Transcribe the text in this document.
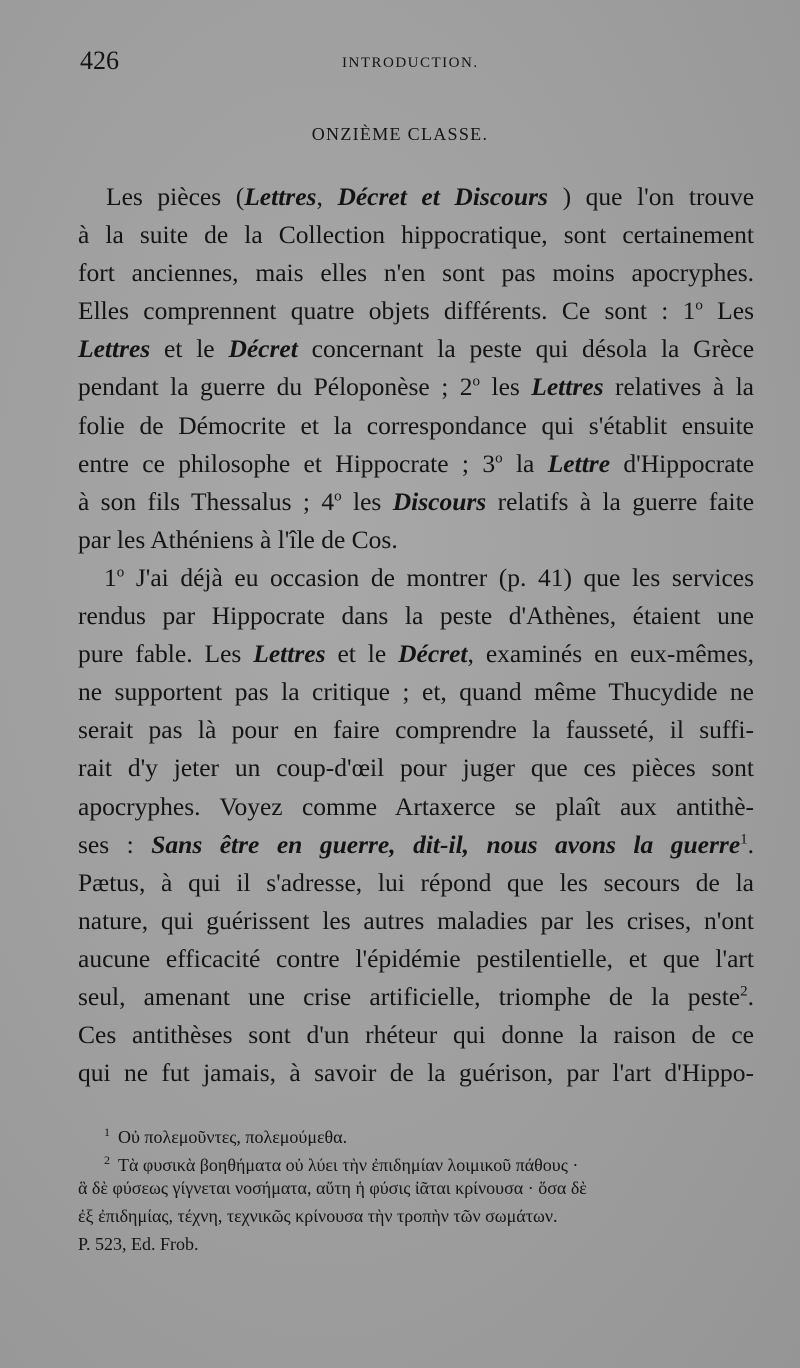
426	INTRODUCTION.
ONZIÈME CLASSE.
Les pièces (Lettres, Décret et Discours ) que l'on trouve
à la suite de la Collection hippocratique, sont certainement
fort anciennes, mais elles n'en sont pas moins apocryphes.
Elles comprennent quatre objets différents. Ce sont : 1$^o$ Les
Lettres et le Décret concernant la peste qui désola la Grèce
pendant la guerre du Péloponèse ; 2$^o$ les Lettres relatives à la
folie de Démocrite et la correspondance qui s'établit ensuite
entre ce philosophe et Hippocrate ; 3$^o$ la Lettre d'Hippocrate
à son fils Thessalus ; 4$^o$ les Discours relatifs à la guerre faite
par les Athéniens à l'île de Cos.
1$^o$ J'ai déjà eu occasion de montrer (p. 41) que les services
rendus par Hippocrate dans la peste d'Athènes, étaient une
pure fable. Les Lettres et le Décret, examinés en eux-mêmes,
ne supportent pas la critique ; et, quand même Thucydide ne
serait pas là pour en faire comprendre la fausseté, il suffi-
rait d'y jeter un coup-d'œil pour juger que ces pièces sont
apocryphes. Voyez comme Artaxerce se plaît aux antithè-
ses : Sans être en guerre, dit-il, nous avons la guerre$^1$.
Pætus, à qui il s'adresse, lui répond que les secours de la
nature, qui guérissent les autres maladies par les crises, n'ont
aucune efficacité contre l'épidémie pestilentielle, et que l'art
seul, amenant une crise artificielle, triomphe de la peste$^2$.
Ces antithèses sont d'un rhéteur qui donne la raison de ce
qui ne fut jamais, à savoir de la guérison, par l'art d'Hippo-
$^1$ Οὐ πολεμοῦντες, πολεμούμεθα.
$^2$ Τὰ φυσικὰ βοηθήματα οὐ λύει τὴν ἐπιδημίαν λοιμικοῦ πάθους ·
ἃ δὲ φύσεως γίγνεται νοσήματα, αὕτη ἡ φύσις ἰᾶται κρίνουσα · ὅσα δὲ
ἐξ ἐπιδημίας, τέχνη, τεχνικῶς κρίνουσα τὴν τροπὴν τῶν σωμάτων.
P. 523, Ed. Frob.
